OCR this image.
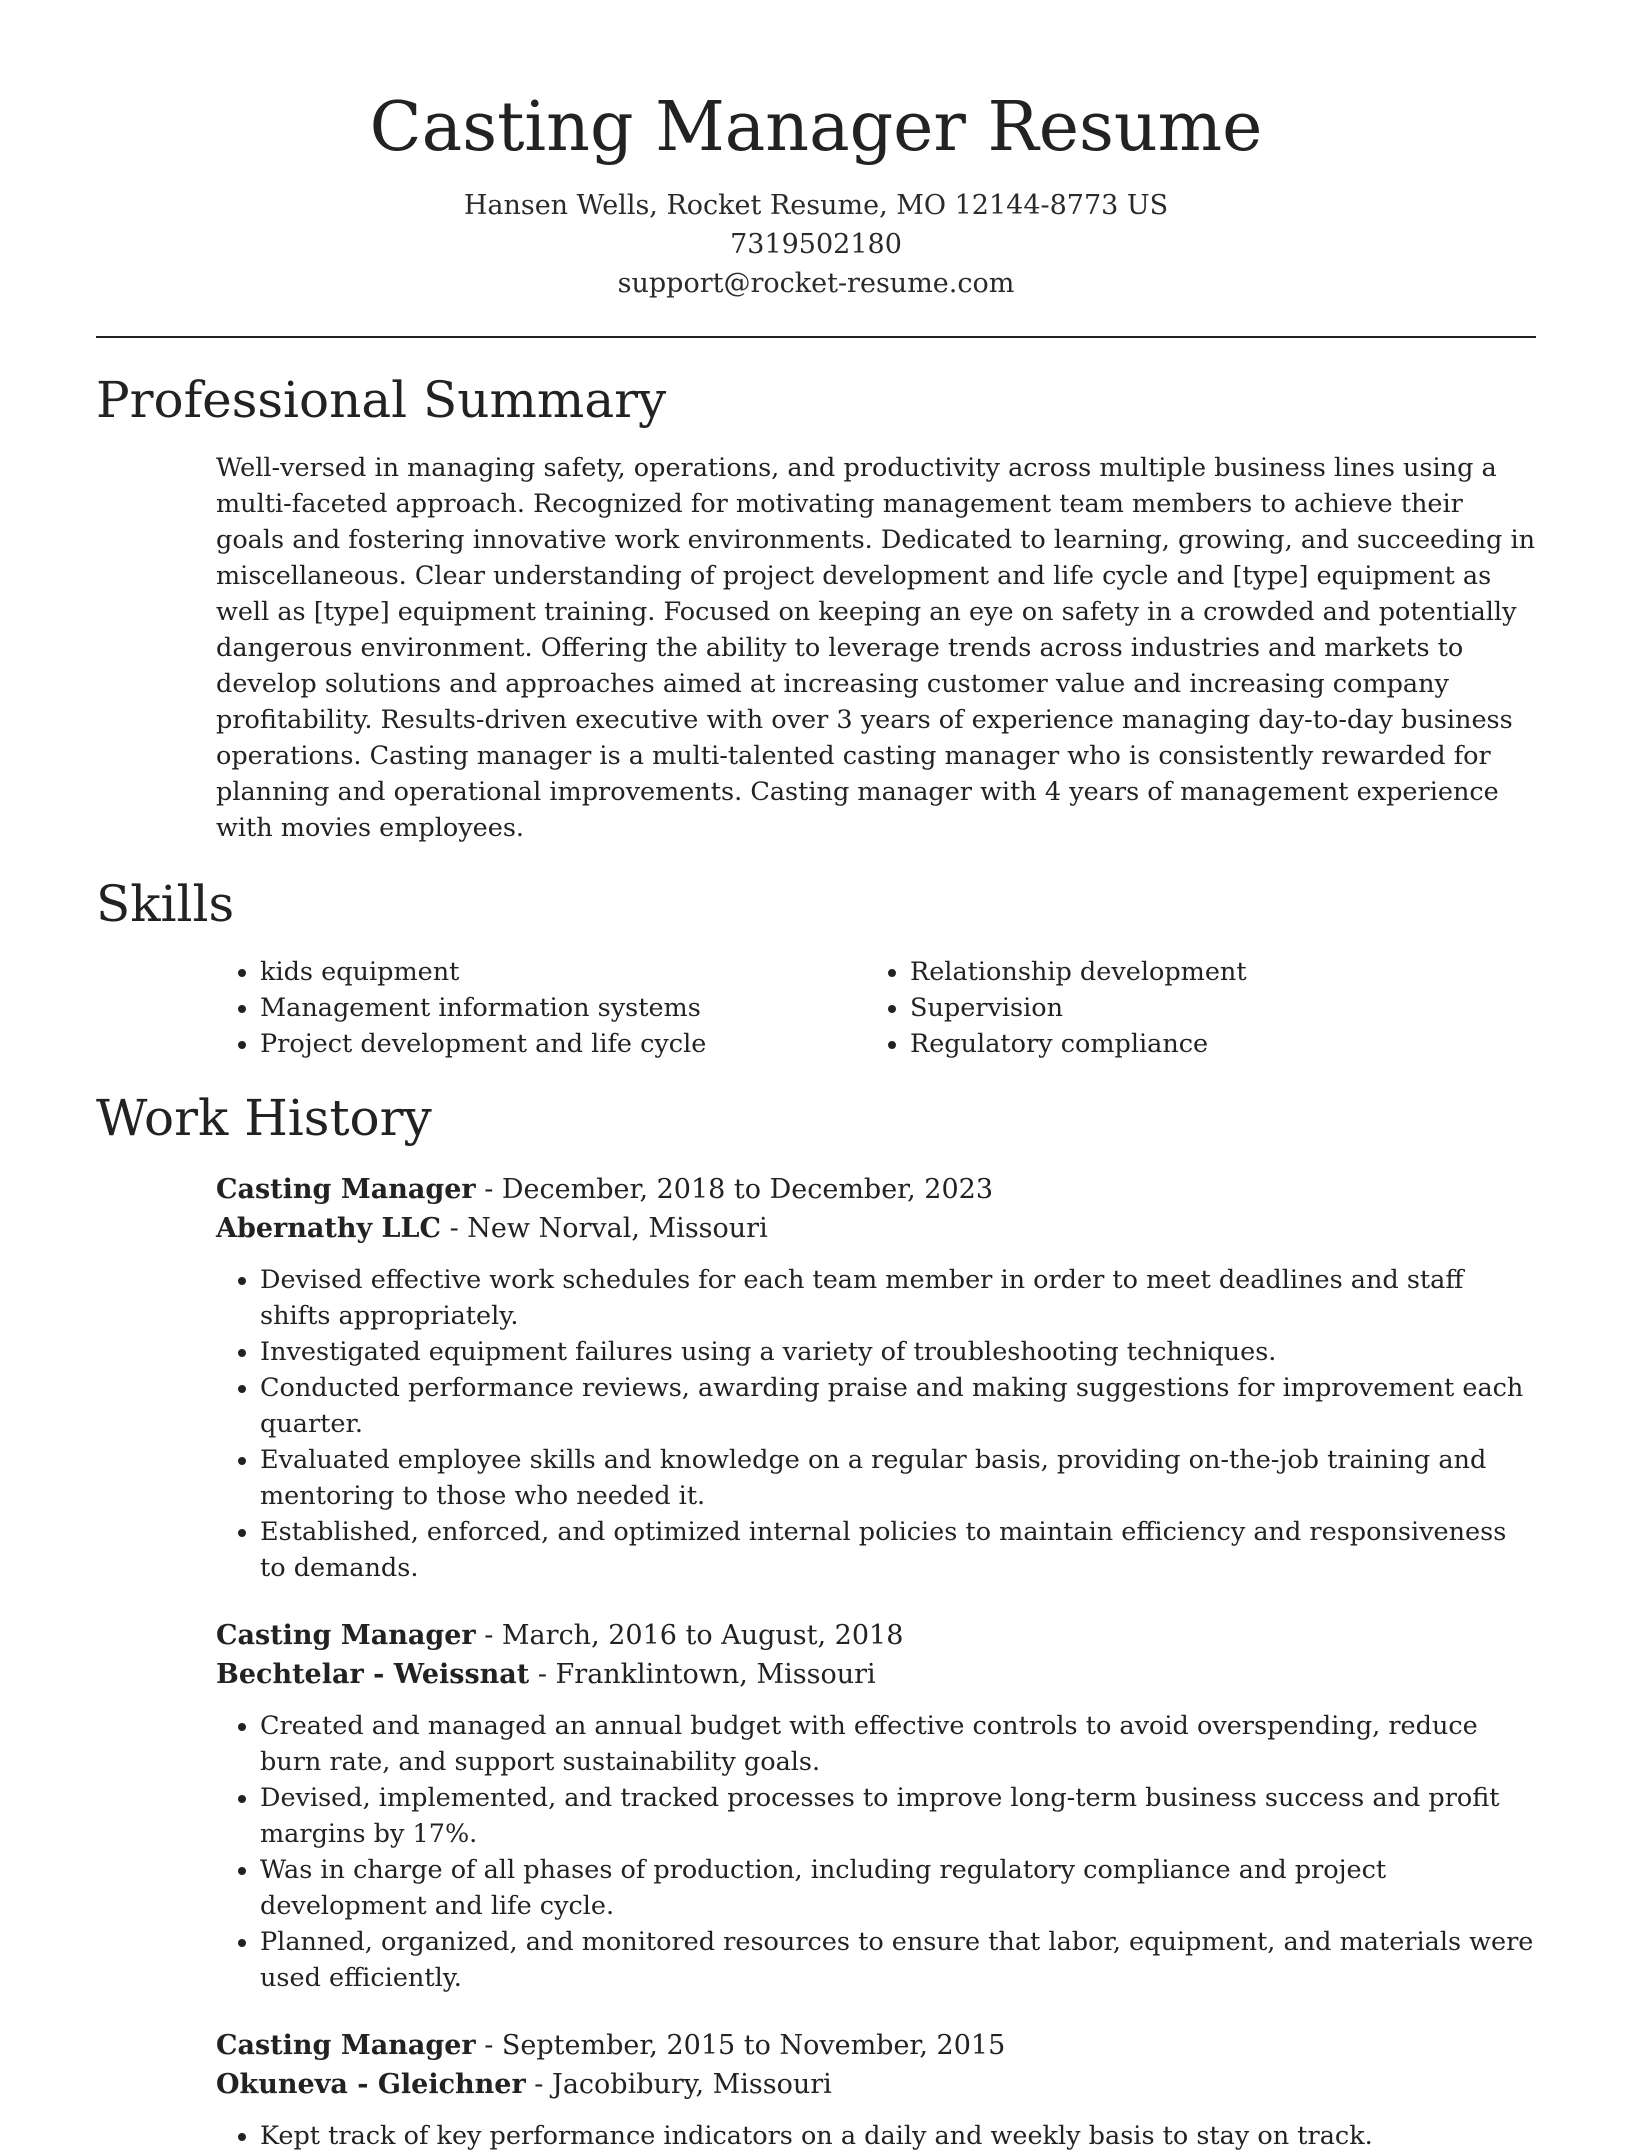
Casting Manager Resume
Hansen Wells, Rocket Resume, MO 12144-8773 US
7319502180
support@rocket-resume.com
Professional Summary

Well-versed in managing safety, operations, and productivity across multiple business lines using a multi-faceted approach. Recognized for motivating management team members to achieve their goals and fostering innovative work environments. Dedicated to learning, growing, and succeeding in miscellaneous. Clear understanding of project development and life cycle and [type] equipment as well as [type] equipment training. Focused on keeping an eye on safety in a crowded and potentially dangerous environment. Offering the ability to leverage trends across industries and markets to develop solutions and approaches aimed at increasing customer value and increasing company profitability. Results-driven executive with over 3 years of experience managing day-to-day business operations. Casting manager is a multi-talented casting manager who is consistently rewarded for planning and operational improvements. Casting manager with 4 years of management experience with movies employees.

Skills
• kids equipment
• Management information systems
• Project development and life cycle
• Relationship development
• Supervision
• Regulatory compliance
Work History
Casting Manager - December, 2018 to December, 2023
Abernathy LLC - New Norval, Missouri
• Devised effective work schedules for each team member in order to meet deadlines and staff shifts appropriately.
• Investigated equipment failures using a variety of troubleshooting techniques.
• Conducted performance reviews, awarding praise and making suggestions for improvement each quarter.
• Evaluated employee skills and knowledge on a regular basis, providing on-the-job training and mentoring to those who needed it.
• Established, enforced, and optimized internal policies to maintain efficiency and responsiveness to demands.
Casting Manager - March, 2016 to August, 2018
Bechtelar - Weissnat - Franklintown, Missouri
• Created and managed an annual budget with effective controls to avoid overspending, reduce burn rate, and support sustainability goals.
• Devised, implemented, and tracked processes to improve long-term business success and profit margins by 17%.
• Was in charge of all phases of production, including regulatory compliance and project development and life cycle.
• Planned, organized, and monitored resources to ensure that labor, equipment, and materials were used efficiently.
Casting Manager - September, 2015 to November, 2015
Okuneva - Gleichner - Jacobibury, Missouri
• Kept track of key performance indicators on a daily and weekly basis to stay on track.
